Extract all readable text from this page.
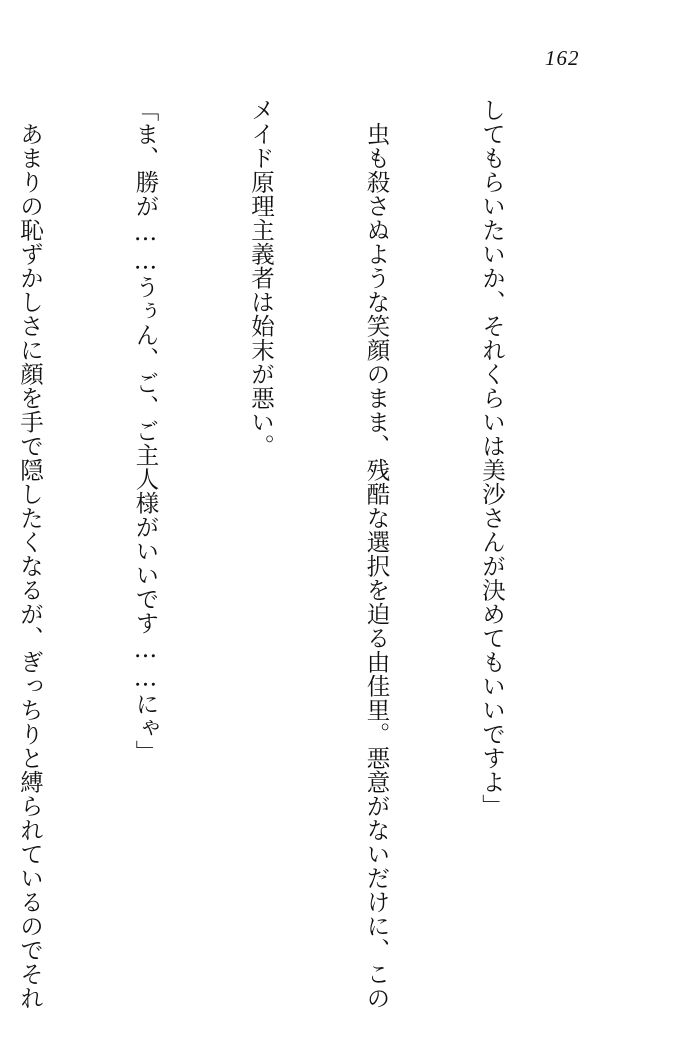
162

してもらいたいか、それくらいは美沙さんが決めてもいいですよ」

　虫も殺さぬような笑顔のまま、残酷な選択を迫る由佳里。悪意がないだけに、この

メイド原理主義者は始末が悪い。

「ま、勝が……うぅん、ご、ご主人様がいいです……にゃ」

　あまりの恥ずかしさに顔を手で隠したくなるが、ぎっちりと縛られているのでそれ
